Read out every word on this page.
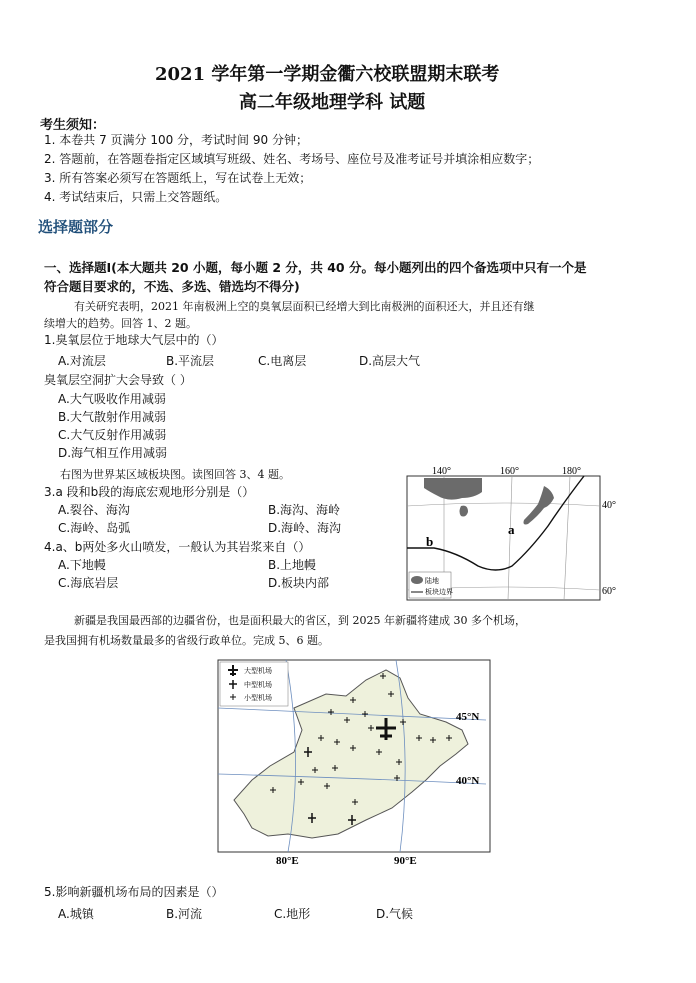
2021 学年第一学期金衢六校联盟期末联考
高二年级地理学科 试题
考生须知：
1. 本卷共 7 页满分 100 分，考试时间 90 分钟；
2. 答题前，在答题卷指定区域填写班级、姓名、考场号、座位号及准考证号并填涂相应数字；
3. 所有答案必须写在答题纸上，写在试卷上无效；
4. 考试结束后，只需上交答题纸。
选择题部分
一、选择题Ⅰ(本大题共 20 小题，每小题 2 分，共 40 分。每小题列出的四个备选项中只有一个是
符合题目要求的，不选、多选、错选均不得分)
有关研究表明，2021 年南极洲上空的臭氧层面积已经增大到比南极洲的面积还大，并且还有继
续增大的趋势。回答 1、2 题。
1.臭氧层位于地球大气层中的（）
A.对流层	B.平流层	C.电离层	D.高层大气
臭氧层空洞扩大会导致（ ）
A.大气吸收作用减弱
B.大气散射作用减弱
C.大气反射作用减弱
D.海气相互作用减弱
右图为世界某区域板块图。读图回答 3、4 题。
3.a 段和b段的海底宏观地形分别是（）
A.裂谷、海沟	B.海沟、海岭
C.海岭、岛弧	D.海岭、海沟
4.a、b两处多火山喷发，一般认为其岩浆来自（）
A.下地幔	B.上地幔
C.海底岩层	D.板块内部
a
b
140°	160°	180°
40°
60°
陆地
板块边界
新疆是我国最西部的边疆省份，也是面积最大的省区，到 2025 年新疆将建成 30 多个机场，
是我国拥有机场数量最多的省级行政单位。完成 5、6 题。
45°N
40°N
80°E	90°E
大型机场
中型机场
小型机场
5.影响新疆机场布局的因素是（）
A.城镇	B.河流	C.地形	D.气候
